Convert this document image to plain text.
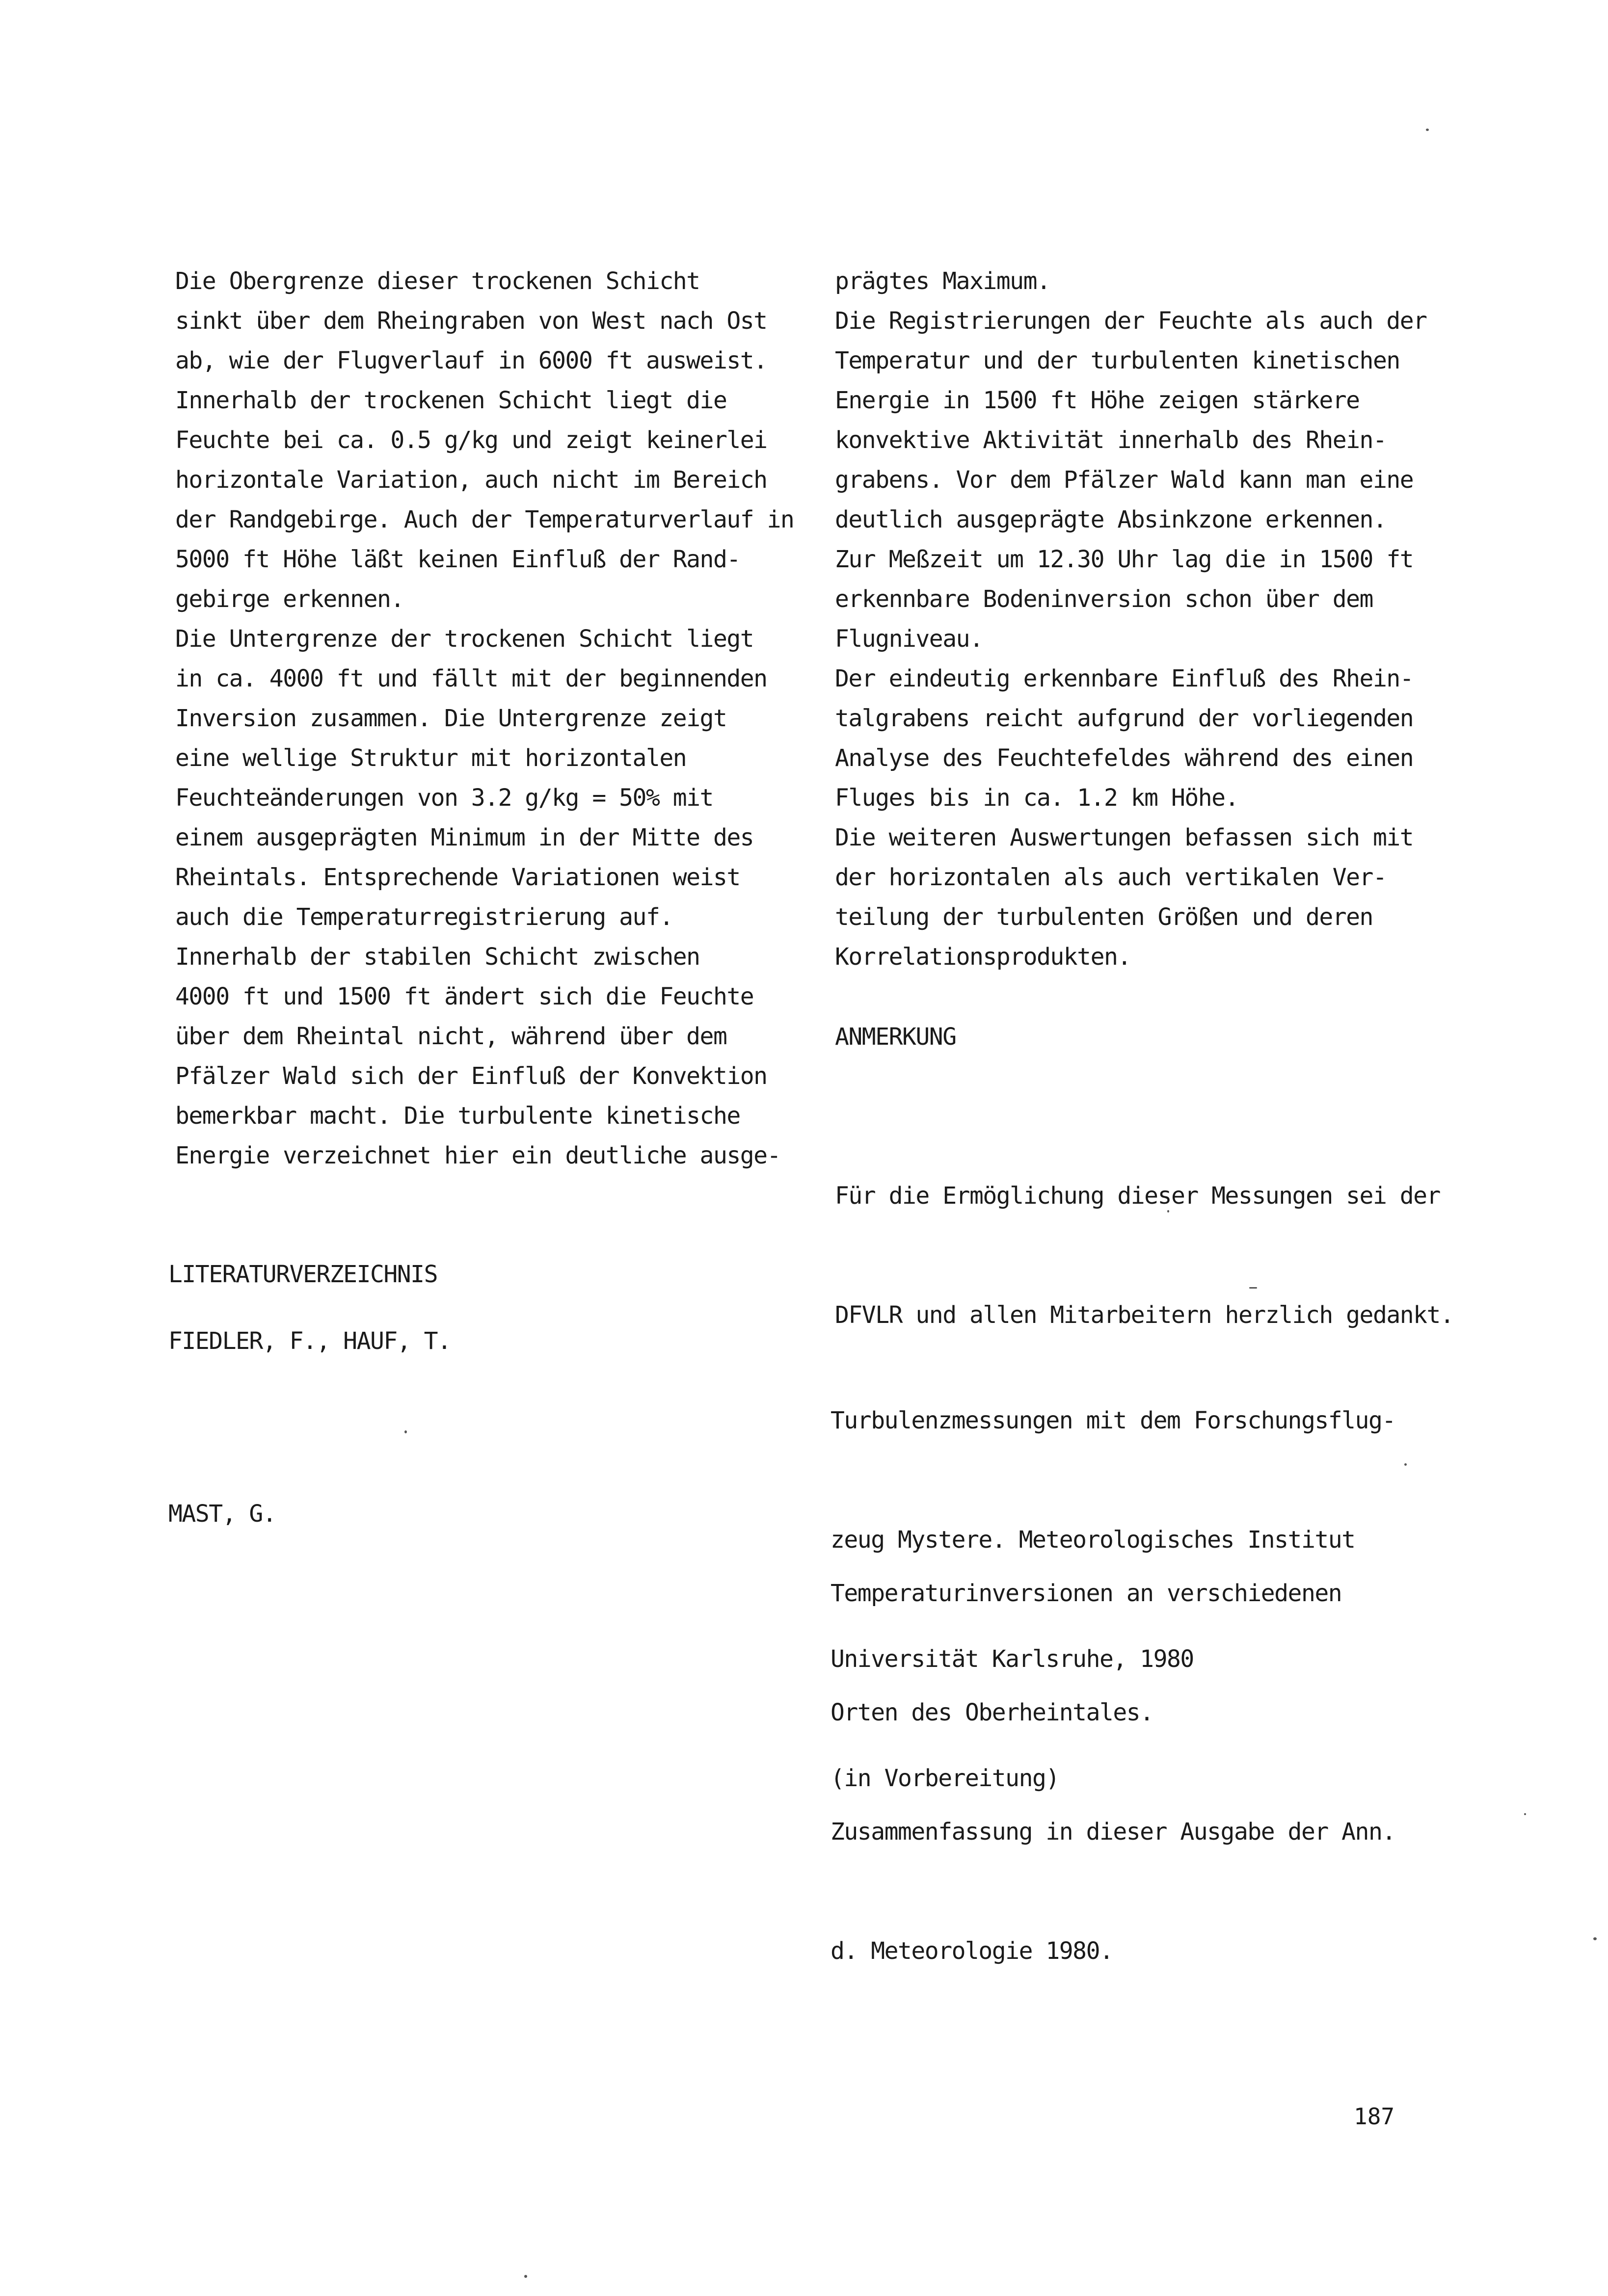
Die Obergrenze dieser trockenen Schicht
sinkt über dem Rheingraben von West nach Ost
ab, wie der Flugverlauf in 6000 ft ausweist.
Innerhalb der trockenen Schicht liegt die
Feuchte bei ca. 0.5 g/kg und zeigt keinerlei
horizontale Variation, auch nicht im Bereich
der Randgebirge. Auch der Temperaturverlauf in
5000 ft Höhe läßt keinen Einfluß der Rand-
gebirge erkennen.
Die Untergrenze der trockenen Schicht liegt
in ca. 4000 ft und fällt mit der beginnenden
Inversion zusammen. Die Untergrenze zeigt
eine wellige Struktur mit horizontalen
Feuchteänderungen von 3.2 g/kg = 50% mit
einem ausgeprägten Minimum in der Mitte des
Rheintals. Entsprechende Variationen weist
auch die Temperaturregistrierung auf.
Innerhalb der stabilen Schicht zwischen
4000 ft und 1500 ft ändert sich die Feuchte
über dem Rheintal nicht, während über dem
Pfälzer Wald sich der Einfluß der Konvektion
bemerkbar macht. Die turbulente kinetische
Energie verzeichnet hier ein deutliche ausge-
prägtes Maximum.
Die Registrierungen der Feuchte als auch der
Temperatur und der turbulenten kinetischen
Energie in 1500 ft Höhe zeigen stärkere
konvektive Aktivität innerhalb des Rhein-
grabens. Vor dem Pfälzer Wald kann man eine
deutlich ausgeprägte Absinkzone erkennen.
Zur Meßzeit um 12.30 Uhr lag die in 1500 ft
erkennbare Bodeninversion schon über dem
Flugniveau.
Der eindeutig erkennbare Einfluß des Rhein-
talgrabens reicht aufgrund der vorliegenden
Analyse des Feuchtefeldes während des einen
Fluges bis in ca. 1.2 km Höhe.
Die weiteren Auswertungen befassen sich mit
der horizontalen als auch vertikalen Ver-
teilung der turbulenten Größen und deren
Korrelationsprodukten.
ANMERKUNG

Für die Ermöglichung dieser Messungen sei der

DFVLR und allen Mitarbeitern herzlich gedankt.

LITERATURVERZEICHNIS
FIEDLER, F., HAUF, T.

Turbulenzmessungen mit dem Forschungsflug-

zeug Mystere. Meteorologisches Institut

Universität Karlsruhe, 1980

(in Vorbereitung)

MAST, G.

Temperaturinversionen an verschiedenen

Orten des Oberheintales.

Zusammenfassung in dieser Ausgabe der Ann.

d. Meteorologie 1980.

187
